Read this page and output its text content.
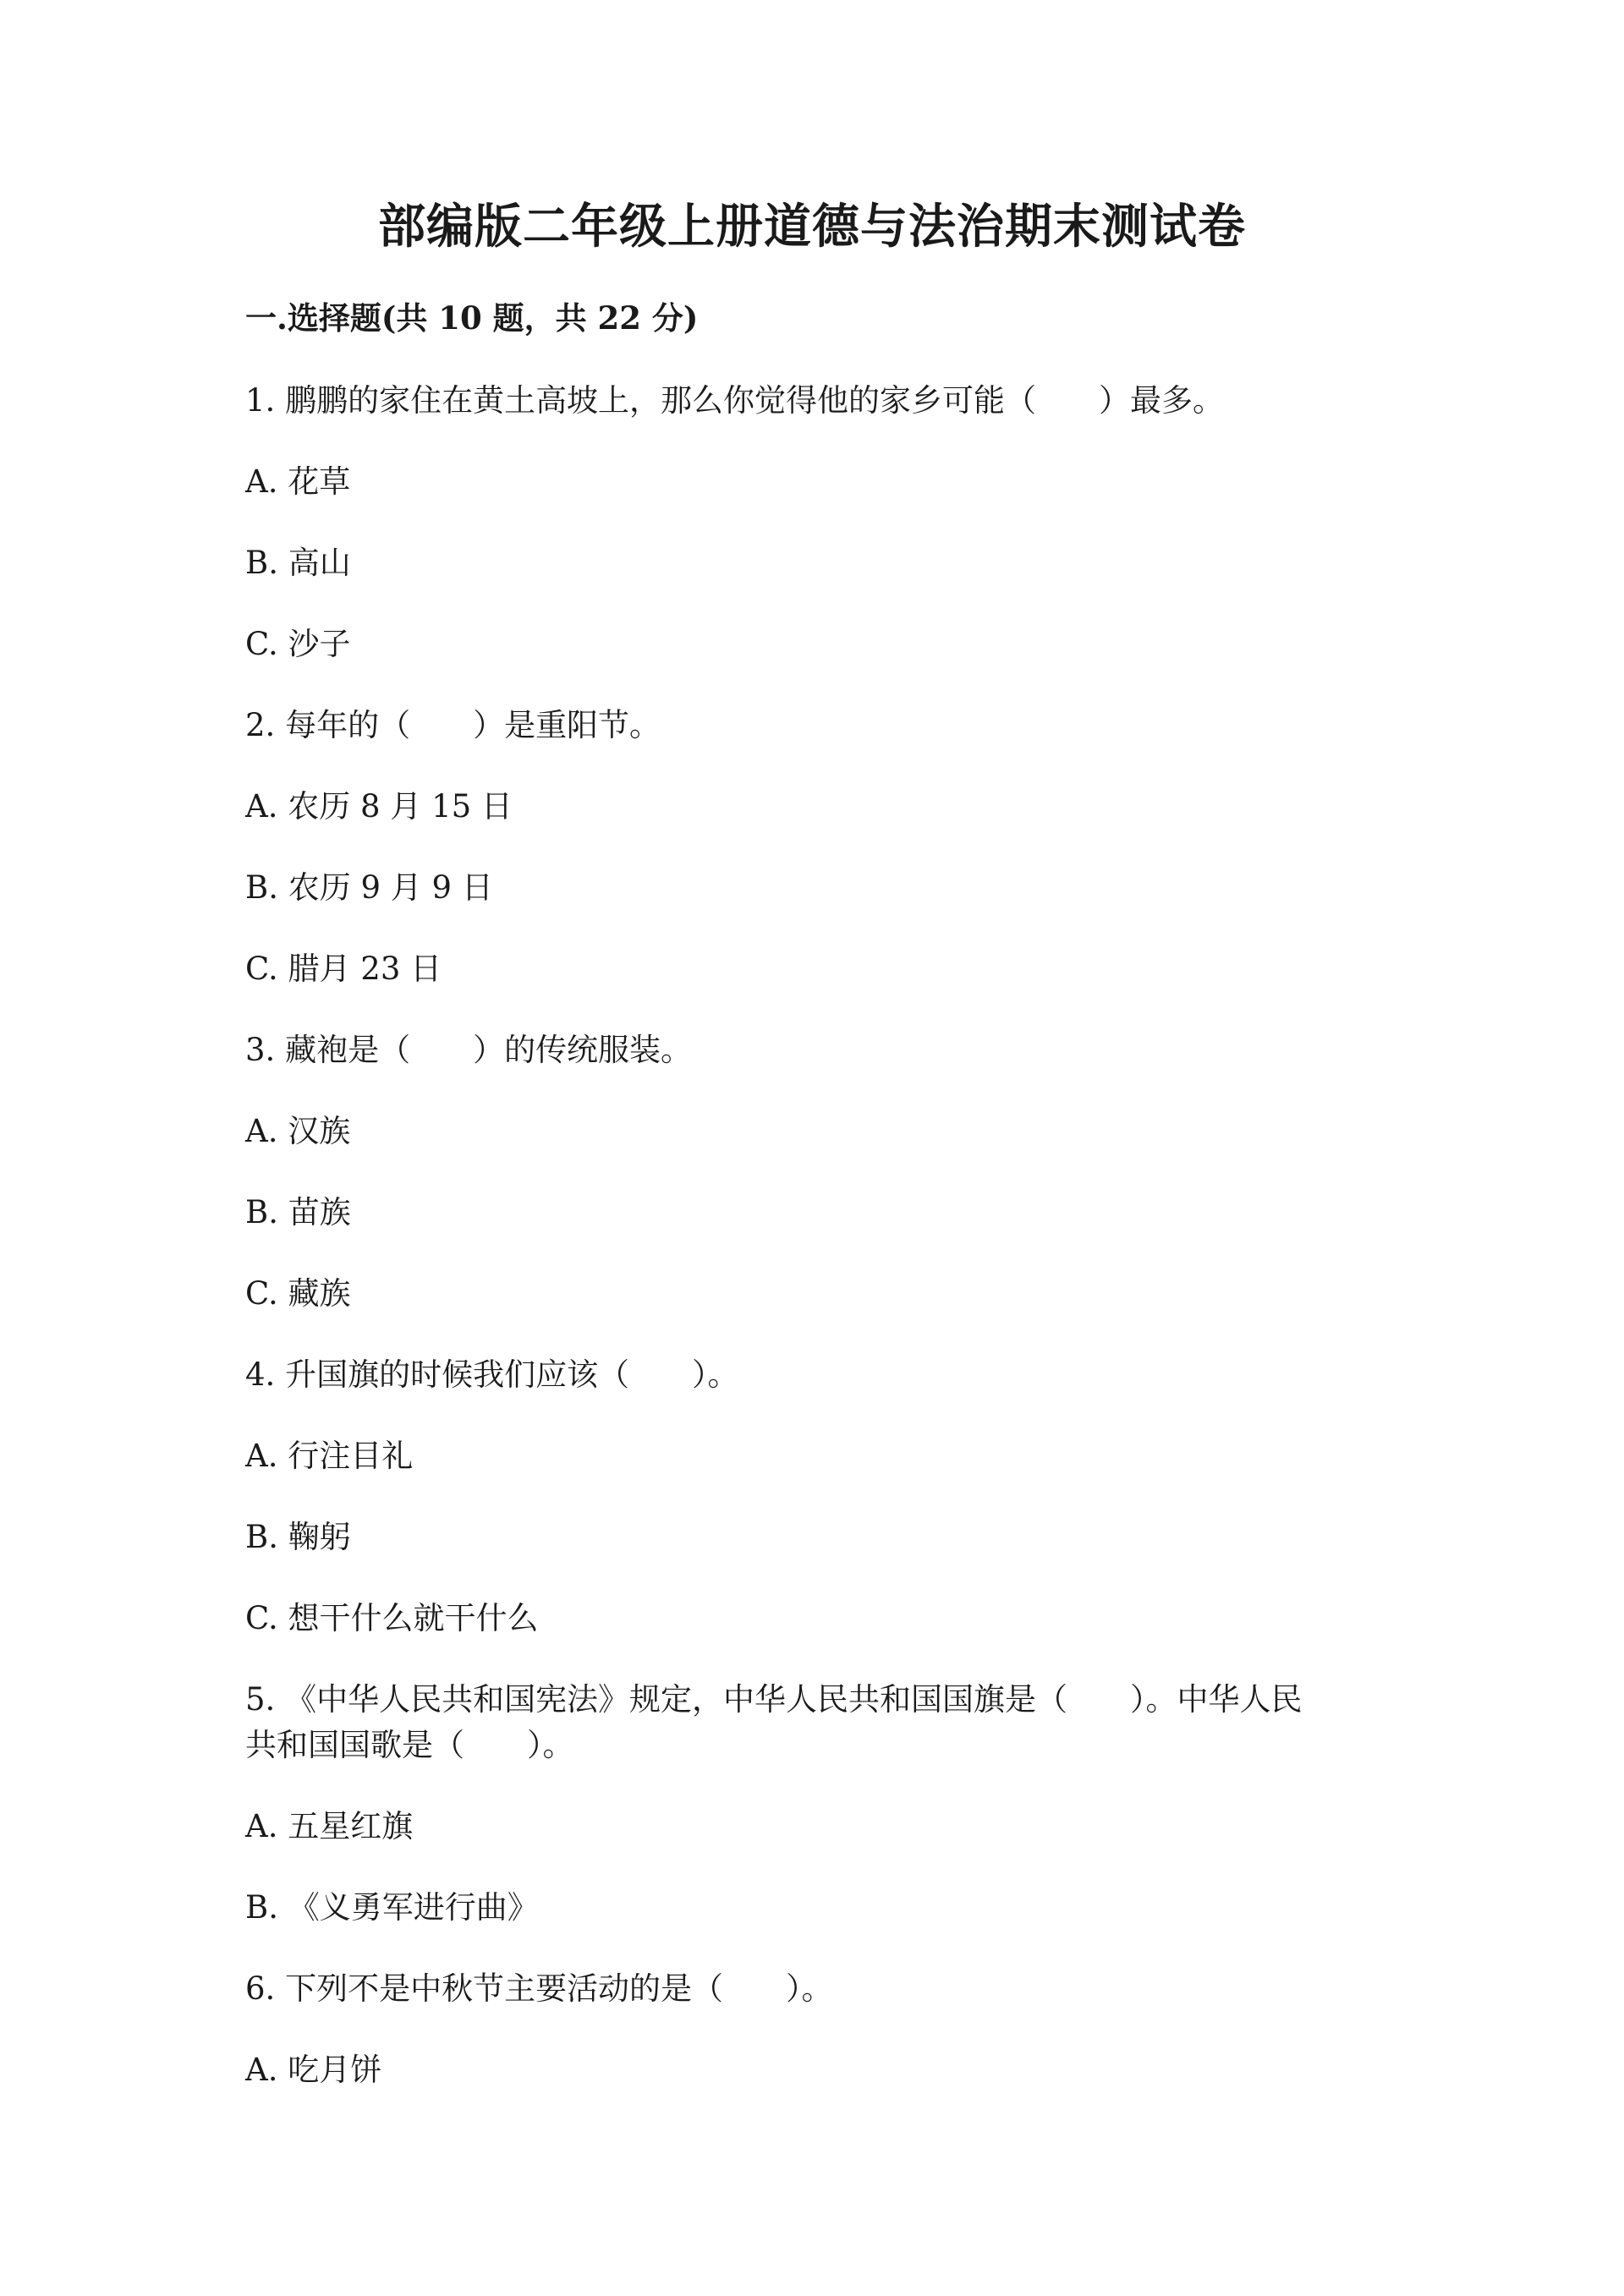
部编版二年级上册道德与法治期末测试卷
一.选择题(共 10 题，共 22 分)
1. 鹏鹏的家住在黄土高坡上，那么你觉得他的家乡可能（　　）最多。
A. 花草
B. 高山
C. 沙子
2. 每年的（　　）是重阳节。
A. 农历 8 月 15 日
B. 农历 9 月 9 日
C. 腊月 23 日
3. 藏袍是（　　）的传统服装。
A. 汉族
B. 苗族
C. 藏族
4. 升国旗的时候我们应该（　　）。
A. 行注目礼
B. 鞠躬
C. 想干什么就干什么
5. 《中华人民共和国宪法》规定，中华人民共和国国旗是（　　）。中华人民
共和国国歌是（　　）。
A. 五星红旗
B. 《义勇军进行曲》
6. 下列不是中秋节主要活动的是（　　）。
A. 吃月饼
